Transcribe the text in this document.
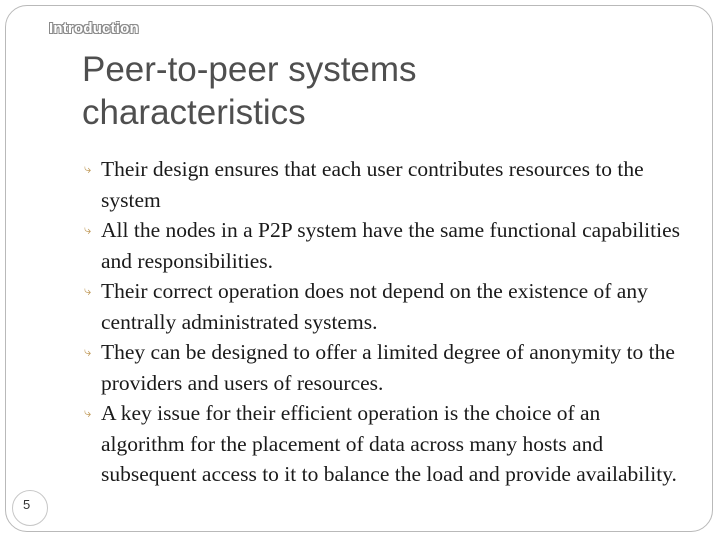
Introduction
Peer-to-peer systems characteristics
⤷ Their design ensures that each user contributes resources to the system
⤷ All the nodes in a P2P system have the same functional capabilities and responsibilities.
⤷ Their correct operation does not depend on the existence of any centrally administrated systems.
⤷ They can be designed to offer a limited degree of anonymity to the providers and users of resources.
⤷ A key issue for their efficient operation is the choice of an algorithm for the placement of data across many hosts and subsequent access to it to balance the load and provide availability.
5
